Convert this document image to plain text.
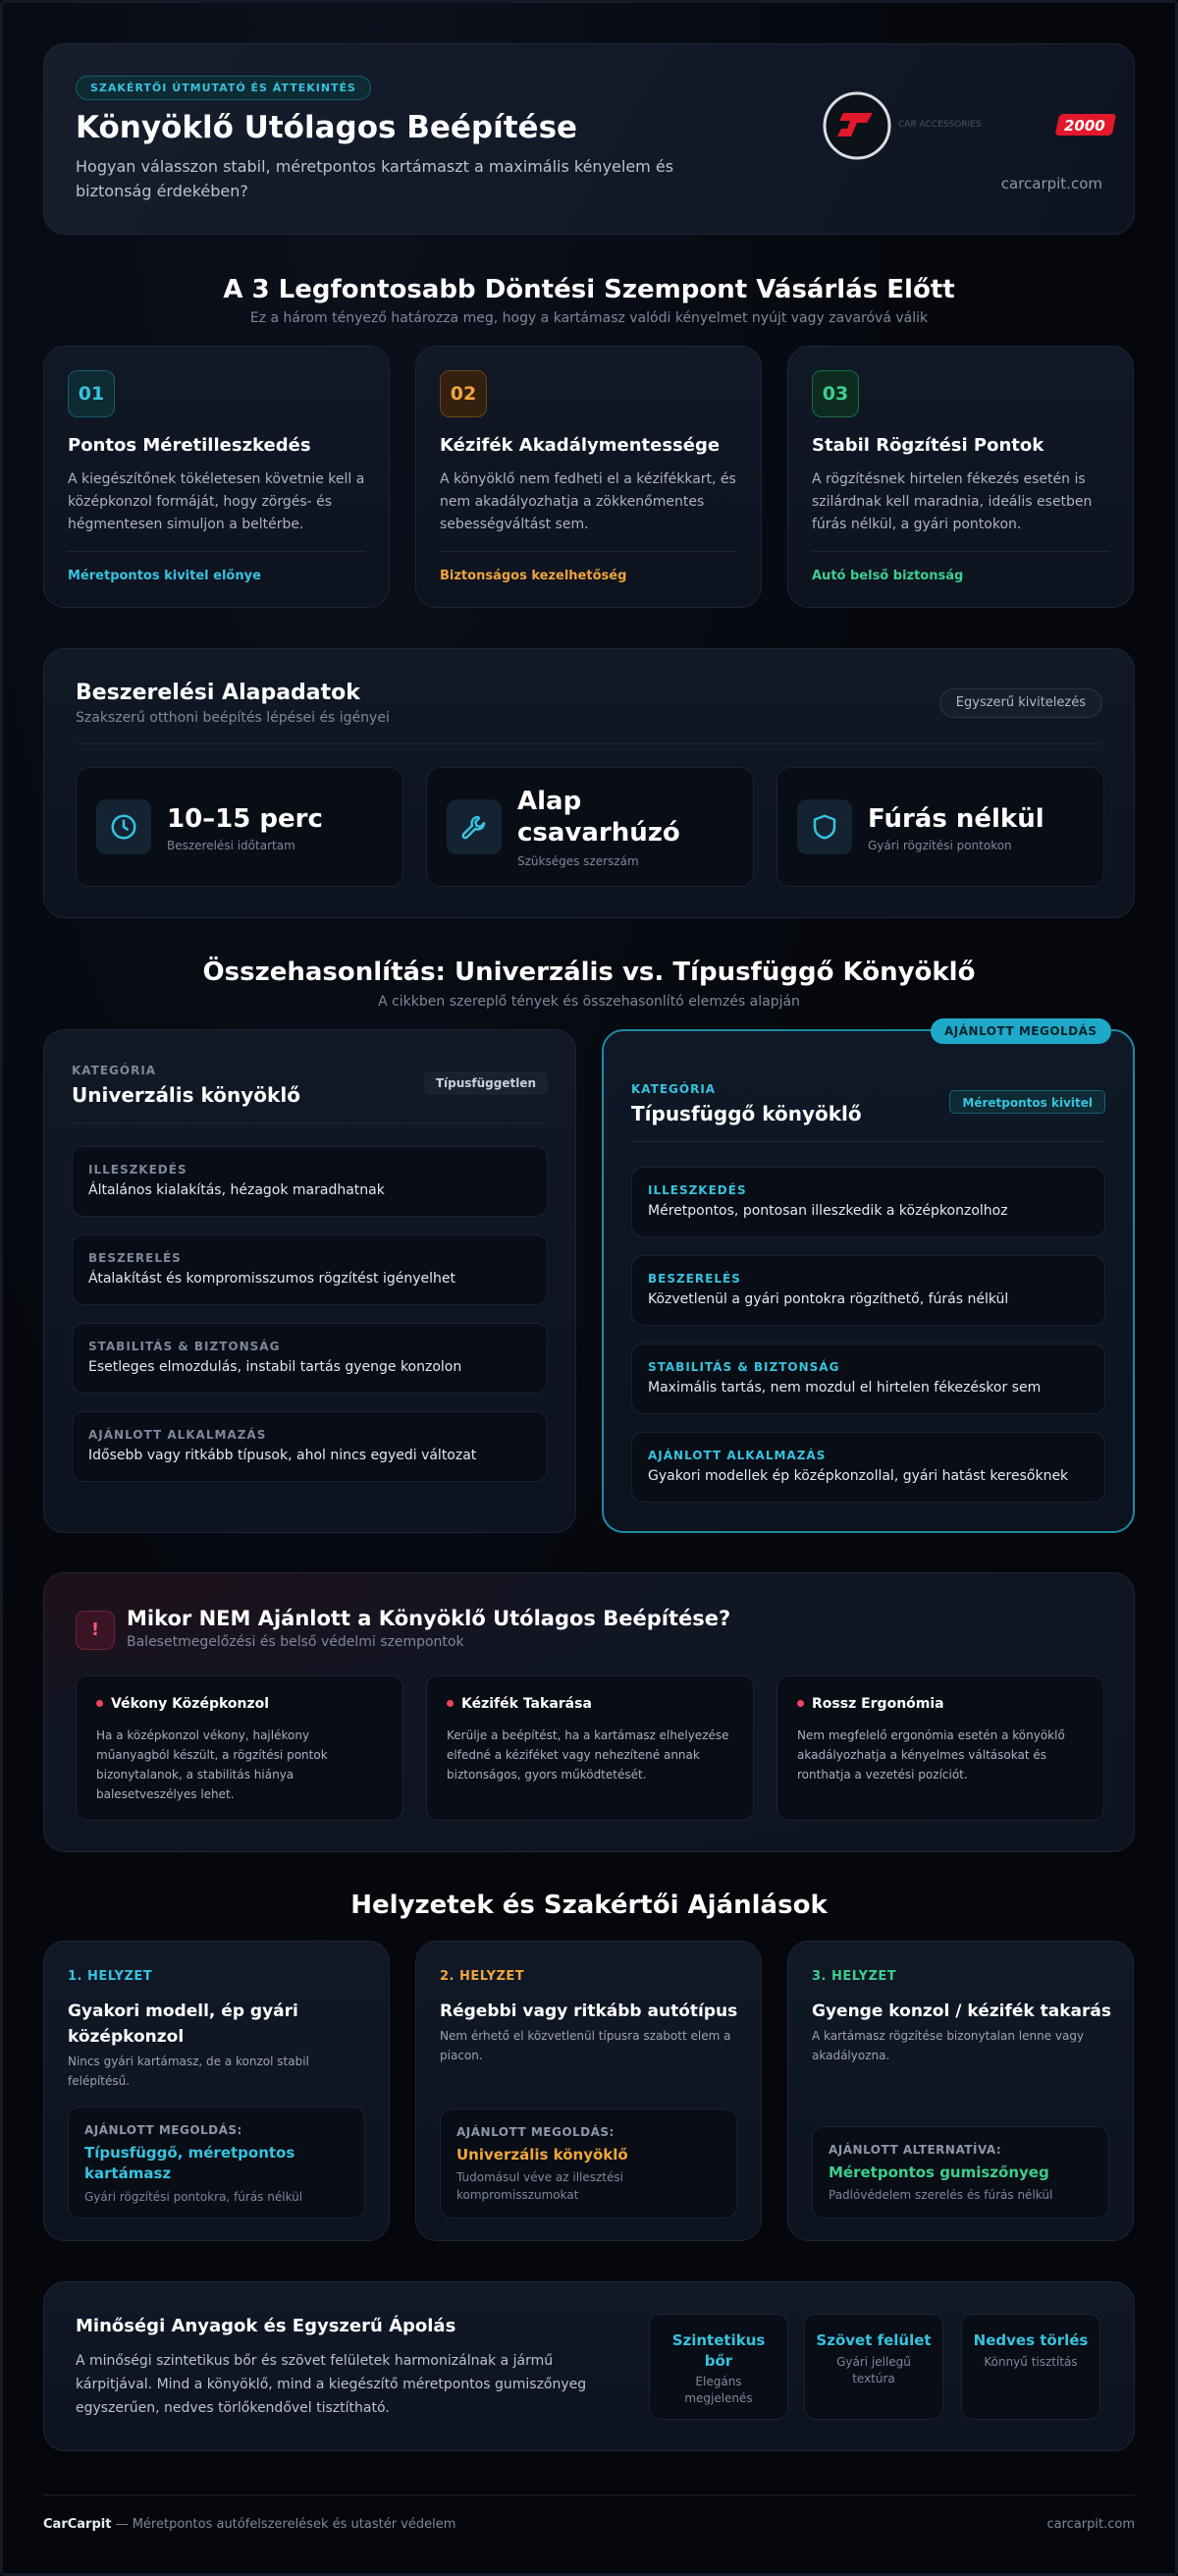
SZAKÉRTŐI ÚTMUTATÓ ÉS ÁTTEKINTÉS
Könyöklő Utólagos Beépítése
Hogyan válasszon stabil, méretpontos kartámaszt a maximális kényelem és biztonság érdekében?
CAR ACCESSORIES	2000
carcarpit.com
A 3 Legfontosabb Döntési Szempont Vásárlás Előtt
Ez a három tényező határozza meg, hogy a kartámasz valódi kényelmet nyújt vagy zavaróvá válik
01
Pontos Méretilleszkedés
A kiegészítőnek tökéletesen követnie kell a középkonzol formáját, hogy zörgés- és hégmentesen simuljon a beltérbe.
Méretpontos kivitel előnye
02
Kézifék Akadálymentessége
A könyöklő nem fedheti el a kézifékkart, és nem akadályozhatja a zökkenőmentes sebességváltást sem.
Biztonságos kezelhetőség
03
Stabil Rögzítési Pontok
A rögzítésnek hirtelen fékezés esetén is szilárdnak kell maradnia, ideális esetben fúrás nélkül, a gyári pontokon.
Autó belső biztonság
Beszerelési Alapadatok
Szakszerű otthoni beépítés lépései és igényei
Egyszerű kivitelezés
10–15 perc
Beszerelési időtartam
Alap
csavarhúzó
Szükséges szerszám
Fúrás nélkül
Gyári rögzítési pontokon
Összehasonlítás: Univerzális vs. Típusfüggő Könyöklő
A cikkben szereplő tények és összehasonlító elemzés alapján
KATEGÓRIA
Univerzális könyöklő	Típusfüggetlen
ILLESZKEDÉS
Általános kialakítás, hézagok maradhatnak
BESZERELÉS
Átalakítást és kompromisszumos rögzítést igényelhet
STABILITÁS & BIZTONSÁG
Esetleges elmozdulás, instabil tartás gyenge konzolon
AJÁNLOTT ALKALMAZÁS
Idősebb vagy ritkább típusok, ahol nincs egyedi változat
AJÁNLOTT MEGOLDÁS
KATEGÓRIA
Típusfüggő könyöklő	Méretpontos kivitel
ILLESZKEDÉS
Méretpontos, pontosan illeszkedik a középkonzolhoz
BESZERELÉS
Közvetlenül a gyári pontokra rögzíthető, fúrás nélkül
STABILITÁS & BIZTONSÁG
Maximális tartás, nem mozdul el hirtelen fékezéskor sem
AJÁNLOTT ALKALMAZÁS
Gyakori modellek ép középkonzollal, gyári hatást keresőknek
!	Mikor NEM Ajánlott a Könyöklő Utólagos Beépítése?
Balesetmegelőzési és belső védelmi szempontok
Vékony Középkonzol
Ha a középkonzol vékony, hajlékony műanyagból készült, a rögzítési pontok bizonytalanok, a stabilitás hiánya balesetveszélyes lehet.
Kézifék Takarása
Kerülje a beépítést, ha a kartámasz elhelyezése elfedné a kéziféket vagy nehezítené annak biztonságos, gyors működtetését.
Rossz Ergonómia
Nem megfelelő ergonómia esetén a könyöklő akadályozhatja a kényelmes váltásokat és ronthatja a vezetési pozíciót.
Helyzetek és Szakértői Ajánlások
1. HELYZET
Gyakori modell, ép gyári középkonzol
Nincs gyári kartámasz, de a konzol stabil felépítésű.
AJÁNLOTT MEGOLDÁS:
Típusfüggő, méretpontos kartámasz
Gyári rögzítési pontokra, fúrás nélkül
2. HELYZET
Régebbi vagy ritkább autótípus
Nem érhető el közvetlenül típusra szabott elem a piacon.
AJÁNLOTT MEGOLDÁS:
Univerzális könyöklő
Tudomásul véve az illesztési kompromisszumokat
3. HELYZET
Gyenge konzol / kézifék takarás
A kartámasz rögzítése bizonytalan lenne vagy akadályozna.
AJÁNLOTT ALTERNATÍVA:
Méretpontos gumiszőnyeg
Padlóvédelem szerelés és fúrás nélkül
Minőségi Anyagok és Egyszerű Ápolás
A minőségi szintetikus bőr és szövet felületek harmonizálnak a jármű kárpitjával. Mind a könyöklő, mind a kiegészítő méretpontos gumiszőnyeg egyszerűen, nedves törlőkendővel tisztítható.
Szintetikus bőr
Elegáns megjelenés
Szövet felület
Gyári jellegű textúra
Nedves törlés
Könnyű tisztítás
CarCarpit — Méretpontos autófelszerelések és utastér védelem	carcarpit.com
